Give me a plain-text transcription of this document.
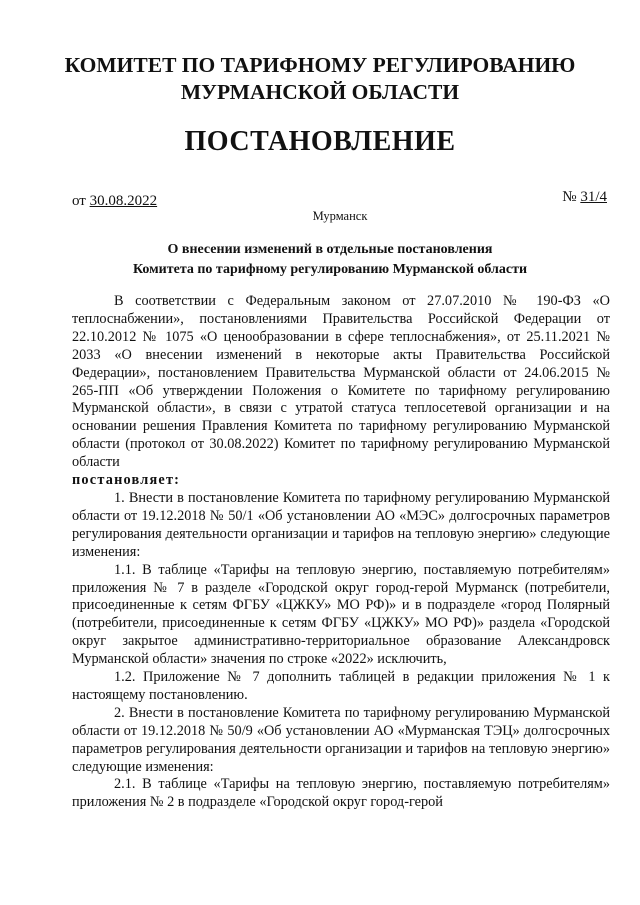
КОМИТЕТ ПО ТАРИФНОМУ РЕГУЛИРОВАНИЮ
МУРМАНСКОЙ ОБЛАСТИ
ПОСТАНОВЛЕНИЕ
от 30.08.2022	№ 31/4
Мурманск
О внесении изменений в отдельные постановления
Комитета по тарифному регулированию Мурманской области

В соответствии с Федеральным законом от 27.07.2010 № 190-ФЗ «О теплоснабжении», постановлениями Правительства Российской Федерации от 22.10.2012 № 1075 «О ценообразовании в сфере теплоснабжения», от 25.11.2021 № 2033 «О внесении изменений в некоторые акты Правительства Российской Федерации», постановлением Правительства Мурманской области от 24.06.2015 № 265-ПП «Об утверждении Положения о Комитете по тарифному регулированию Мурманской области», в связи с утратой статуса теплосетевой организации и на основании решения Правления Комитета по тарифному регулированию Мурманской области (протокол от 30.08.2022) Комитет по тарифному регулированию Мурманской области

постановляет:

1. Внести в постановление Комитета по тарифному регулированию Мурманской области от 19.12.2018 № 50/1 «Об установлении АО «МЭС» долгосрочных параметров регулирования деятельности организации и тарифов на тепловую энергию» следующие изменения:

1.1. В таблице «Тарифы на тепловую энергию, поставляемую потребителям» приложения № 7 в разделе «Городской округ город-герой Мурманск (потребители, присоединенные к сетям ФГБУ «ЦЖКУ» МО РФ)» и в подразделе «город Полярный (потребители, присоединенные к сетям ФГБУ «ЦЖКУ» МО РФ)» раздела «Городской округ закрытое административно-территориальное образование Александровск Мурманской области» значения по строке «2022» исключить,

1.2. Приложение № 7 дополнить таблицей в редакции приложения № 1 к настоящему постановлению.

2. Внести в постановление Комитета по тарифному регулированию Мурманской области от 19.12.2018 № 50/9 «Об установлении АО «Мурманская ТЭЦ» долгосрочных параметров регулирования деятельности организации и тарифов на тепловую энергию» следующие изменения:

2.1. В таблице «Тарифы на тепловую энергию, поставляемую потребителям» приложения № 2 в подразделе «Городской округ город-герой
